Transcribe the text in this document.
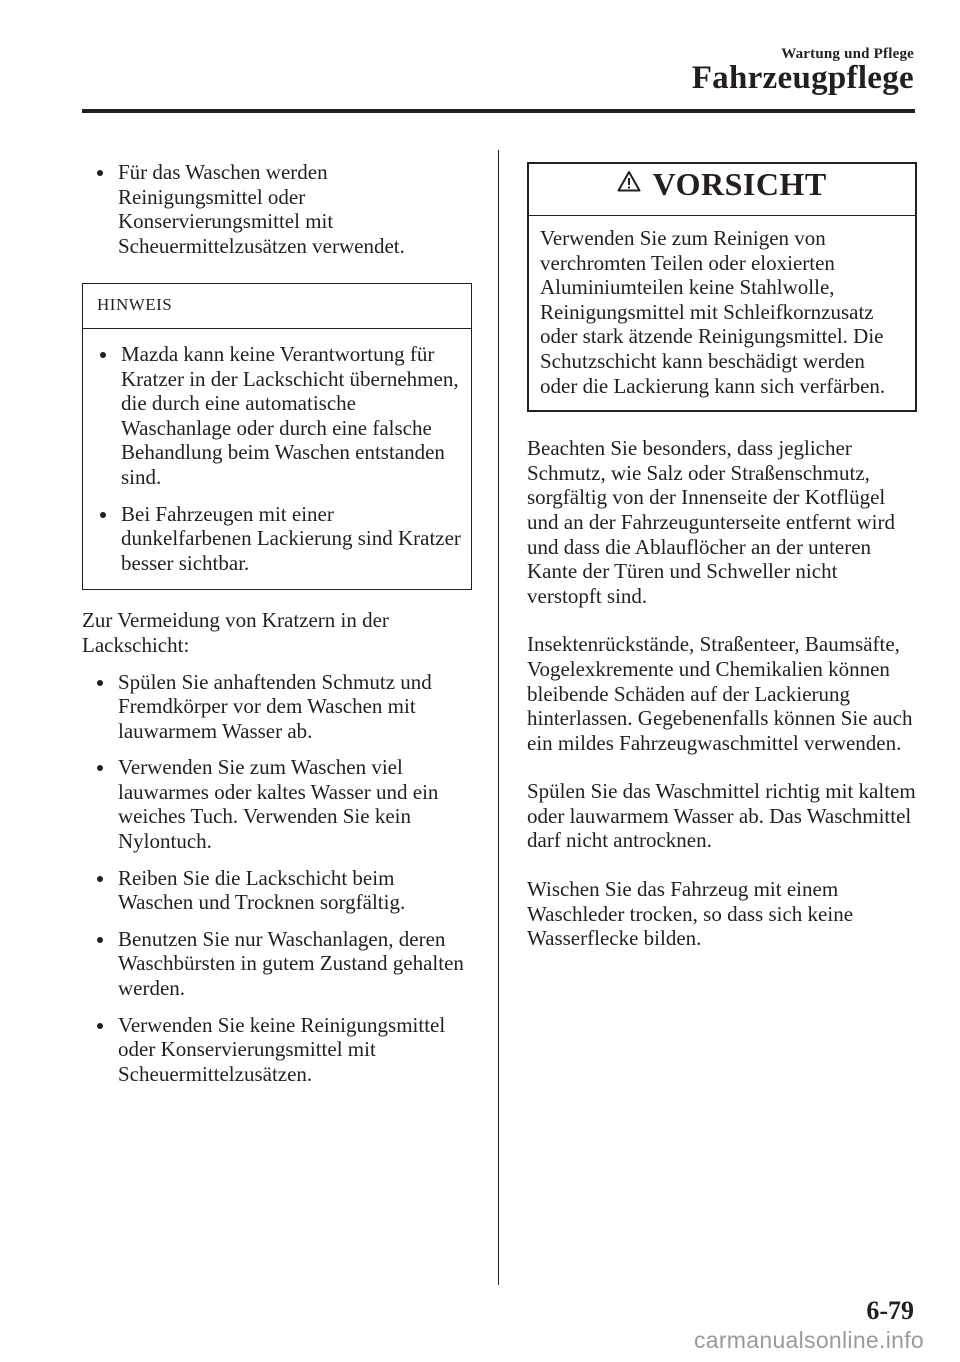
Wartung und Pflege
Fahrzeugpflege
Für das Waschen werden Reinigungsmittel oder Konservierungsmittel mit Scheuermittelzusätzen verwendet.
HINWEIS
Mazda kann keine Verantwortung für Kratzer in der Lackschicht übernehmen, die durch eine automatische Waschanlage oder durch eine falsche Behandlung beim Waschen entstanden sind.
Bei Fahrzeugen mit einer dunkelfarbenen Lackierung sind Kratzer besser sichtbar.

Zur Vermeidung von Kratzern in der Lackschicht:

Spülen Sie anhaftenden Schmutz und Fremdkörper vor dem Waschen mit lauwarmem Wasser ab.
Verwenden Sie zum Waschen viel lauwarmes oder kaltes Wasser und ein weiches Tuch. Verwenden Sie kein Nylontuch.
Reiben Sie die Lackschicht beim Waschen und Trocknen sorgfältig.
Benutzen Sie nur Waschanlagen, deren Waschbürsten in gutem Zustand gehalten werden.
Verwenden Sie keine Reinigungsmittel oder Konservierungsmittel mit Scheuermittelzusätzen.
VORSICHT
Verwenden Sie zum Reinigen von verchromten Teilen oder eloxierten Aluminiumteilen keine Stahlwolle, Reinigungsmittel mit Schleifkornzusatz oder stark ätzende Reinigungsmittel. Die Schutzschicht kann beschädigt werden oder die Lackierung kann sich verfärben.

Beachten Sie besonders, dass jeglicher Schmutz, wie Salz oder Straßenschmutz, sorgfältig von der Innenseite der Kotflügel und an der Fahrzeugunterseite entfernt wird und dass die Ablauflöcher an der unteren Kante der Türen und Schweller nicht verstopft sind.

Insektenrückstände, Straßenteer, Baumsäfte, Vogelexkremente und Chemikalien können bleibende Schäden auf der Lackierung hinterlassen. Gegebenenfalls können Sie auch ein mildes Fahrzeugwaschmittel verwenden.

Spülen Sie das Waschmittel richtig mit kaltem oder lauwarmem Wasser ab. Das Waschmittel darf nicht antrocknen.

Wischen Sie das Fahrzeug mit einem Waschleder trocken, so dass sich keine Wasserflecke bilden.

6-79
carmanualsonline.info
